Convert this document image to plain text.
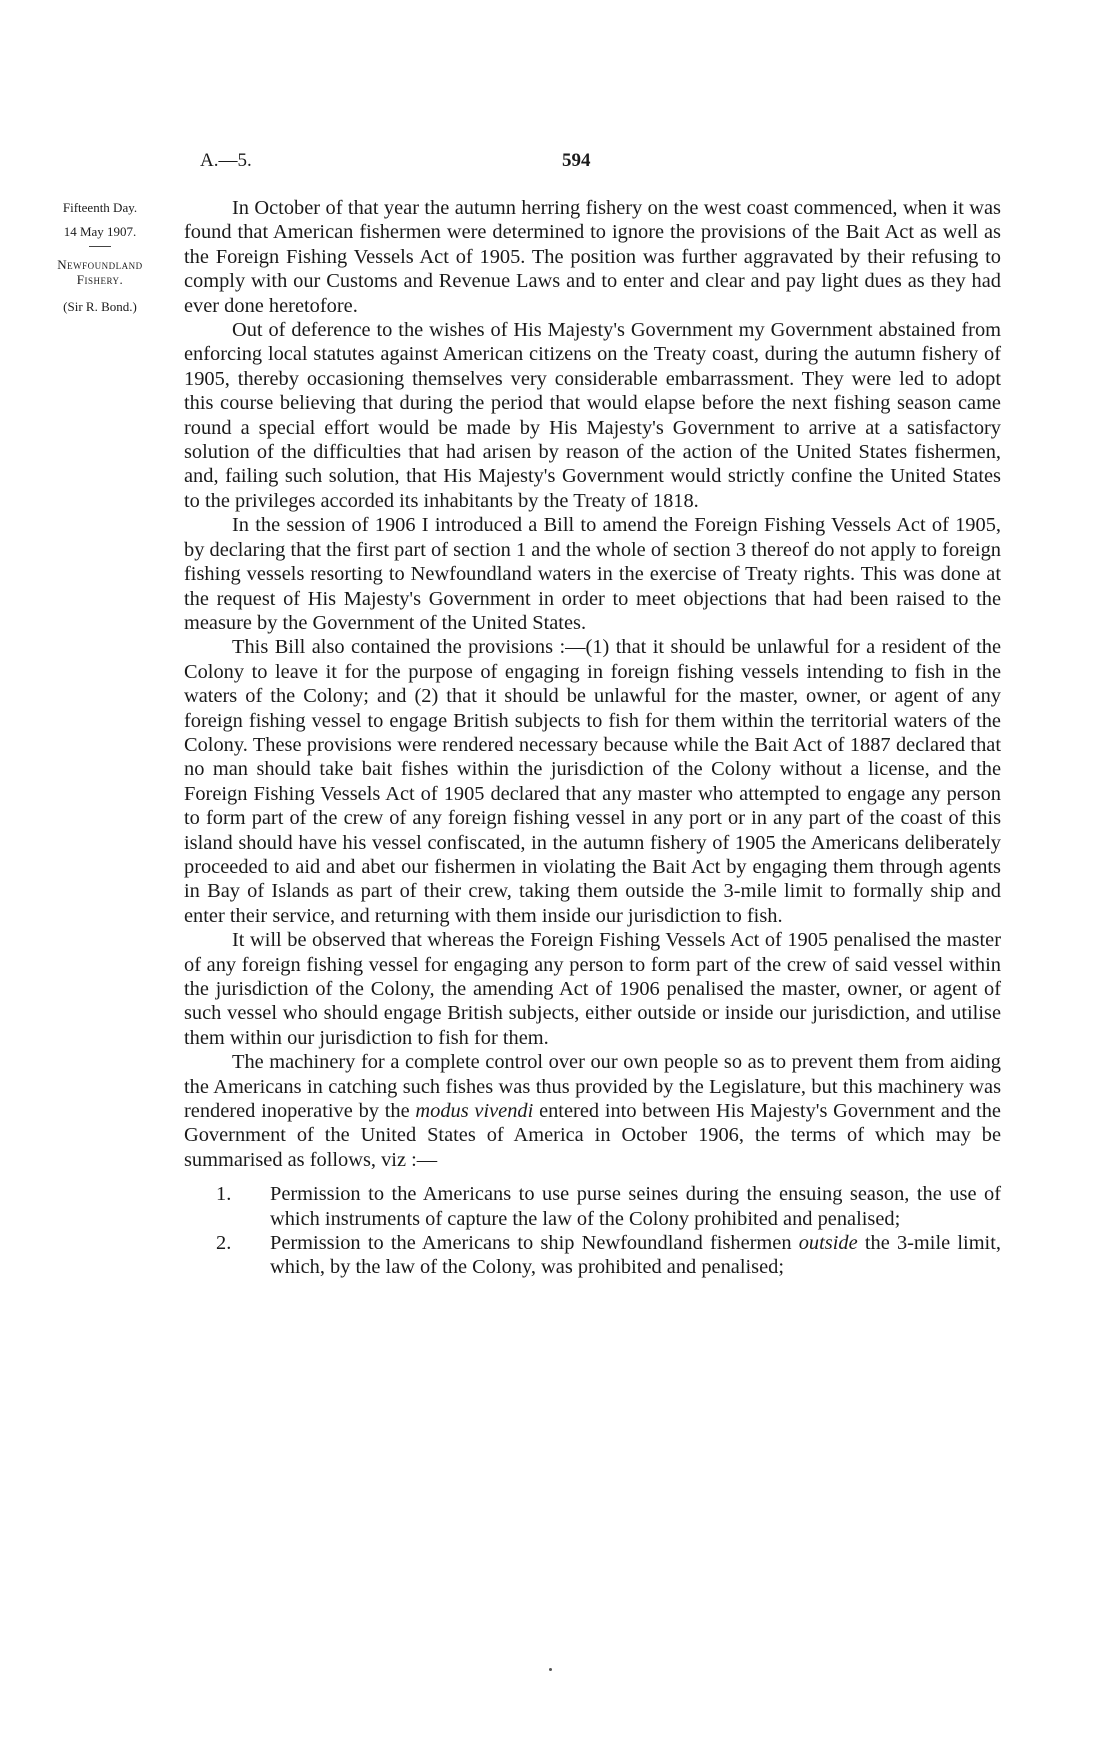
A.—5.	594
Fifteenth Day.
14 May 1907.
Newfoundland
Fishery.
(Sir R. Bond.)

In October of that year the autumn herring fishery on the west coast commenced, when it was found that American fishermen were determined to ignore the provisions of the Bait Act as well as the Foreign Fishing Vessels Act of 1905. The position was further aggravated by their refusing to comply with our Customs and Revenue Laws and to enter and clear and pay light dues as they had ever done heretofore.

Out of deference to the wishes of His Majesty's Government my Government abstained from enforcing local statutes against American citizens on the Treaty coast, during the autumn fishery of 1905, thereby occasioning themselves very considerable embarrassment. They were led to adopt this course believing that during the period that would elapse before the next fishing season came round a special effort would be made by His Majesty's Government to arrive at a satisfactory solution of the difficulties that had arisen by reason of the action of the United States fishermen, and, failing such solution, that His Majesty's Government would strictly confine the United States to the privileges accorded its inhabitants by the Treaty of 1818.

In the session of 1906 I introduced a Bill to amend the Foreign Fishing Vessels Act of 1905, by declaring that the first part of section 1 and the whole of section 3 thereof do not apply to foreign fishing vessels resorting to Newfoundland waters in the exercise of Treaty rights. This was done at the request of His Majesty's Government in order to meet objections that had been raised to the measure by the Government of the United States.

This Bill also contained the provisions :—(1) that it should be unlawful for a resident of the Colony to leave it for the purpose of engaging in foreign fishing vessels intending to fish in the waters of the Colony; and (2) that it should be unlawful for the master, owner, or agent of any foreign fishing vessel to engage British subjects to fish for them within the territorial waters of the Colony. These provisions were rendered necessary because while the Bait Act of 1887 declared that no man should take bait fishes within the jurisdiction of the Colony without a license, and the Foreign Fishing Vessels Act of 1905 declared that any master who attempted to engage any person to form part of the crew of any foreign fishing vessel in any port or in any part of the coast of this island should have his vessel confiscated, in the autumn fishery of 1905 the Americans deliberately proceeded to aid and abet our fishermen in violating the Bait Act by engaging them through agents in Bay of Islands as part of their crew, taking them outside the 3-mile limit to formally ship and enter their service, and returning with them inside our jurisdiction to fish.

It will be observed that whereas the Foreign Fishing Vessels Act of 1905 penalised the master of any foreign fishing vessel for engaging any person to form part of the crew of said vessel within the jurisdiction of the Colony, the amending Act of 1906 penalised the master, owner, or agent of such vessel who should engage British subjects, either outside or inside our jurisdiction, and utilise them within our jurisdiction to fish for them.

The machinery for a complete control over our own people so as to prevent them from aiding the Americans in catching such fishes was thus provided by the Legislature, but this machinery was rendered inoperative by the modus vivendi entered into between His Majesty's Government and the Government of the United States of America in October 1906, the terms of which may be summarised as follows, viz :—

1. Permission to the Americans to use purse seines during the ensuing season, the use of which instruments of capture the law of the Colony prohibited and penalised;
2. Permission to the Americans to ship Newfoundland fishermen outside the 3-mile limit, which, by the law of the Colony, was prohibited and penalised;
